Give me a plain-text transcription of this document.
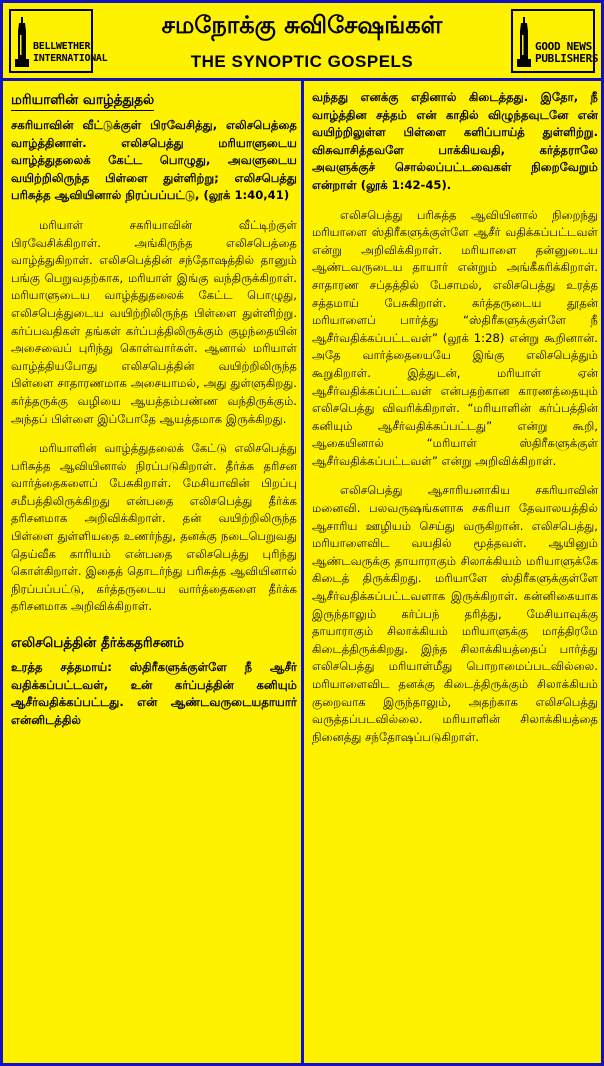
BELLWETHER
INTERNATIONAL
சமநோக்கு சுவிசேஷங்கள்
THE SYNOPTIC GOSPELS
GOOD NEWS
PUBLISHERS
மரியாளின் வாழ்த்துதல்

சகரியாவின் வீட்டுக்குள் பிரவேசித்து, எலிசபெத்தை வாழ்த்தினாள். எலிசபெத்து மரியாளுடைய வாழ்த்துதலைக் கேட்ட பொழுது, அவளுடைய வயிற்றிலிருந்த பிள்ளை துள்ளிற்று; எலிசபெத்து பரிசுத்த ஆவியினால் நிரப்பப்பட்டு, (லூக் 1:40,41)

மரியாள் சகரியாவின் வீட்டிற்குள் பிரவேசிக்கிறாள். அங்கிருந்த எலிசபெத்தை வாழ்த்துகிறாள். எலிசபெத்தின் சந்தோஷத்தில் தானும் பங்கு பெறுவதற்காக, மரியாள் இங்கு வந்திருக்கிறாள். மரியாளுடைய வாழ்த்துதலைக் கேட்ட பொழுது, எலிசபெத்துடைய வயிற்றிலிருந்த பிள்ளை துள்ளிற்று. கர்ப்பவதிகள் தங்கள் கர்ப்பத்திலிருக்கும் குழந்தையின் அசைவைப் புரிந்து கொள்வார்கள். ஆனால் மரியாள் வாழ்த்தியபோது எலிசபெத்தின் வயிற்றிலிருந்த பிள்ளை சாதாரணமாக அசையாமல், அது துள்ளுகிறது. கர்த்தருக்கு வழியை ஆயத்தம்பண்ண வந்திருக்கும். அந்தப் பிள்ளை இப்போதே ஆயத்தமாக இருக்கிறது.

மரியாளின் வாழ்த்துதலைக் கேட்டு எலிசபெத்து பரிசுத்த ஆவியினால் நிரப்படுகிறாள். தீர்க்க தரிசன வார்த்தைகளைப் பேசுகிறாள். மேசியாவின் பிறப்பு சமீபத்திலிருக்கிறது என்பதை எலிசபெத்து தீர்க்க தரிசனமாக அறிவிக்கிறாள். தன் வயிற்றிலிருந்த பிள்ளை துள்ளியதை உணர்ந்து, தனக்கு நடைபெறுவது தெய்வீக காரியம் என்பதை எலிசபெத்து புரிந்து கொள்கிறாள். இதைத் தொடர்ந்து பரிசுத்த ஆவியினால் நிரப்பப்பட்டு, கர்த்தருடைய வார்த்தைகளை தீர்க்க தரிசனமாக அறிவிக்கிறாள்.

எலிசபெத்தின் தீர்க்கதரிசனம்

உரத்த சத்தமாய்: ஸ்திரீகளுக்குள்ளே நீ ஆசீர் வதிக்கப்பட்டவள், உன் கர்ப்பத்தின் கனியும் ஆசீர்வதிக்கப்பட்டது. என் ஆண்டவருடையதாயார் என்னிடத்தில்

வந்தது எனக்கு எதினால் கிடைத்தது. இதோ, நீ வாழ்த்தின சத்தம் என் காதில் விழுந்தவுடனே என் வயிற்றிலுள்ள பிள்ளை களிப்பாய்த் துள்ளிற்று. விசுவாசித்தவளே பாக்கியவதி, கர்த்தராலே அவளுக்குச் சொல்லப்பட்டவைகள் நிறைவேறும் என்றாள் (லூக் 1:42-45).

எலிசபெத்து பரிசுத்த ஆவியினால் நிறைந்து மரியாளை ஸ்திரீகளுக்குள்ளே ஆசீர் வதிக்கப்பட்டவள் என்று அறிவிக்கிறாள். மரியாளை தன்னுடைய ஆண்டவருடைய தாயார் என்றும் அங்கீகரிக்கிறாள். சாதாரண சப்தத்தில் பேசாமல், எலிசபெத்து உரத்த சத்தமாய் பேசுகிறாள். கர்த்தருடைய தூதன் மரியாளைப் பார்த்து “ஸ்திரீகளுக்குள்ளே நீ ஆசீர்வதிக்கப்பட்டவள்” (லூக் 1:28) என்று கூறினான். அதே வார்த்தையையே இங்கு எலிசபெத்தும் கூறுகிறாள். இத்துடன், மரியாள் ஏன் ஆசீர்வதிக்கப்பட்டவள் என்பதற்கான காரணத்தையும் எலிசபெத்து விவரிக்கிறாள். “மரியாளின் கர்ப்பத்தின் கனியும் ஆசீர்வதிக்கப்பட்டது” என்று கூறி, ஆகையினால் “மரியாள் ஸ்திரீகளுக்குள் ஆசீர்வதிக்கப்பட்டவள்” என்று அறிவிக்கிறாள்.

எலிசபெத்து ஆசாரியனாகிய சகரியாவின் மனைவி. பலவருஷங்களாக சகரியா தேவாலயத்தில் ஆசாரிய ஊழியம் செய்து வருகிறான். எலிசபெத்து, மரியாளைவிட வயதில் மூத்தவள். ஆயினும் ஆண்டவருக்கு தாயாராகும் சிலாக்கியம் மரியாளுக்கே கிடைத் திருக்கிறது. மரியாளே ஸ்திரீகளுக்குள்ளே ஆசீர்வதிக்கப்பட்டவளாக இருக்கிறாள். கன்னிகையாக இருந்தாலும் கர்ப்பந் தரித்து, மேசியாவுக்கு தாயாராகும் சிலாக்கியம் மரியாளுக்கு மாத்திரமே கிடைத்திருக்கிறது. இந்த சிலாக்கியத்தைப் பார்த்து எலிசபெத்து மரியாள்மீது பொறாமைப்படவில்லை. மரியாளைவிட தனக்கு கிடைத்திருக்கும் சிலாக்கியம் குறைவாக இருந்தாலும், அதற்காக எலிசபெத்து வருத்தப்படவில்லை. மரியாளின் சிலாக்கியத்தை நினைத்து சந்தோஷப்படுகிறாள்.
